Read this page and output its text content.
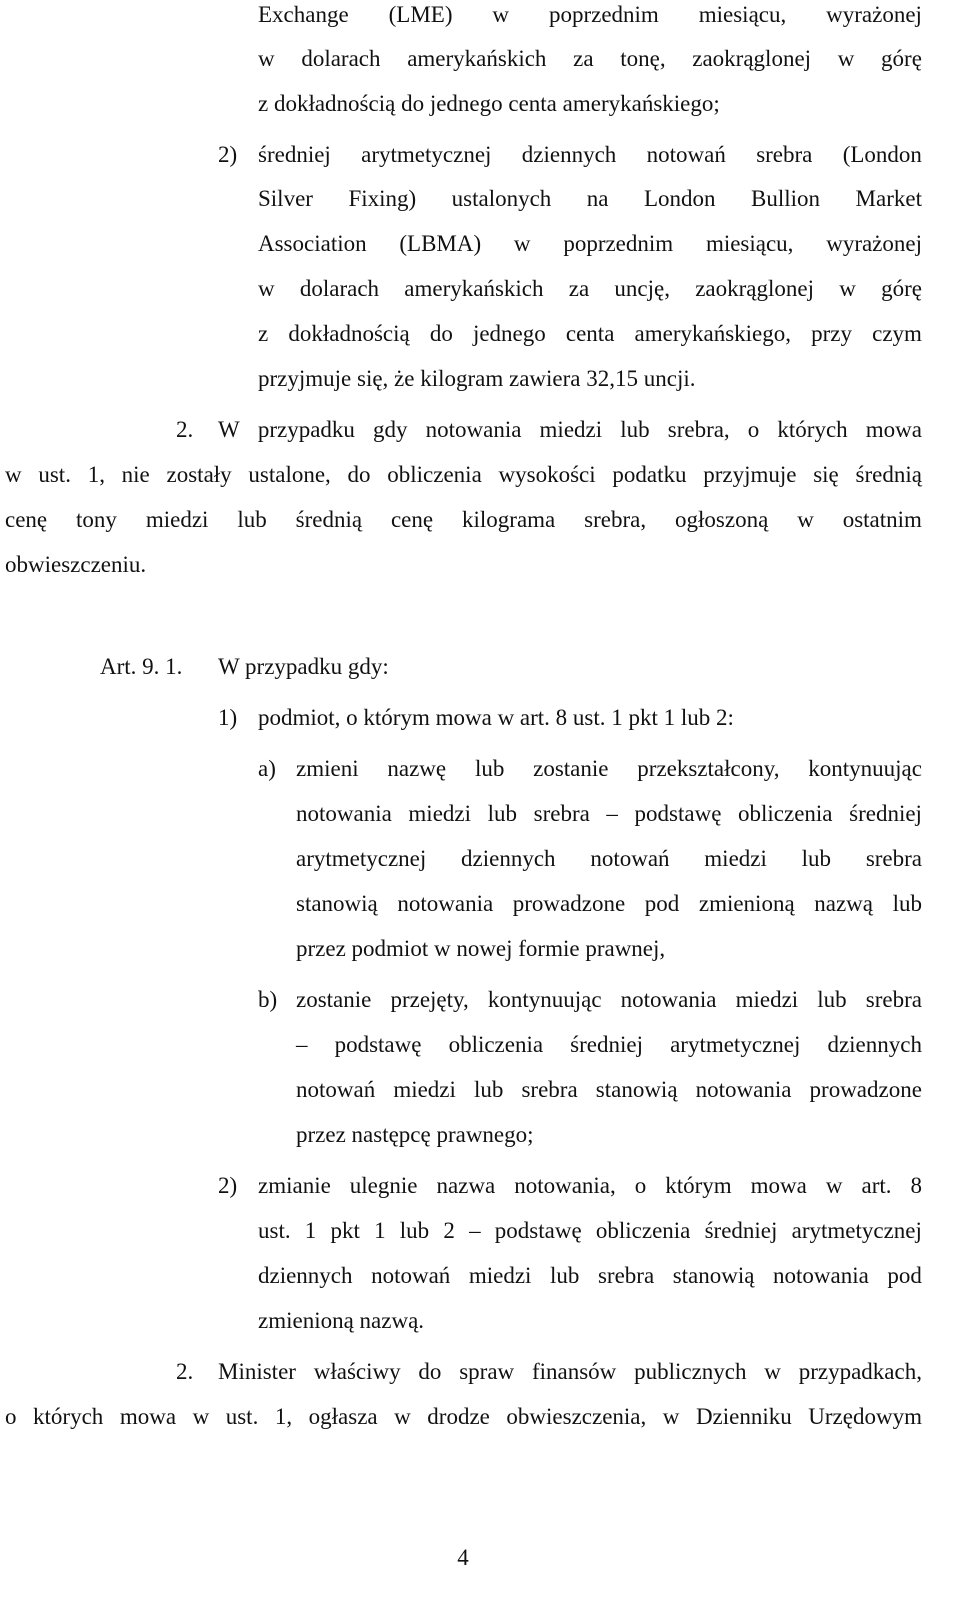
Exchange (LME) w poprzednim miesiącu, wyrażonej
w dolarach amerykańskich za tonę, zaokrąglonej w górę
z dokładnością do jednego centa amerykańskiego;
2) średniej arytmetycznej dziennych notowań srebra (London
Silver Fixing) ustalonych na London Bullion Market
Association (LBMA) w poprzednim miesiącu, wyrażonej
w dolarach amerykańskich za uncję, zaokrąglonej w górę
z dokładnością do jednego centa amerykańskiego, przy czym
przyjmuje się, że kilogram zawiera 32,15 uncji.
2. W przypadku gdy notowania miedzi lub srebra, o których mowa
w ust. 1, nie zostały ustalone, do obliczenia wysokości podatku przyjmuje się średnią
cenę tony miedzi lub średnią cenę kilograma srebra, ogłoszoną w ostatnim
obwieszczeniu.
Art. 9. 1. W przypadku gdy:
1) podmiot, o którym mowa w art. 8 ust. 1 pkt 1 lub 2:
a) zmieni nazwę lub zostanie przekształcony, kontynuując
notowania miedzi lub srebra – podstawę obliczenia średniej
arytmetycznej dziennych notowań miedzi lub srebra
stanowią notowania prowadzone pod zmienioną nazwą lub
przez podmiot w nowej formie prawnej,
b) zostanie przejęty, kontynuując notowania miedzi lub srebra
– podstawę obliczenia średniej arytmetycznej dziennych
notowań miedzi lub srebra stanowią notowania prowadzone
przez następcę prawnego;
2) zmianie ulegnie nazwa notowania, o którym mowa w art. 8
ust. 1 pkt 1 lub 2 – podstawę obliczenia średniej arytmetycznej
dziennych notowań miedzi lub srebra stanowią notowania pod
zmienioną nazwą.
2. Minister właściwy do spraw finansów publicznych w przypadkach,
o których mowa w ust. 1, ogłasza w drodze obwieszczenia, w Dzienniku Urzędowym
4
